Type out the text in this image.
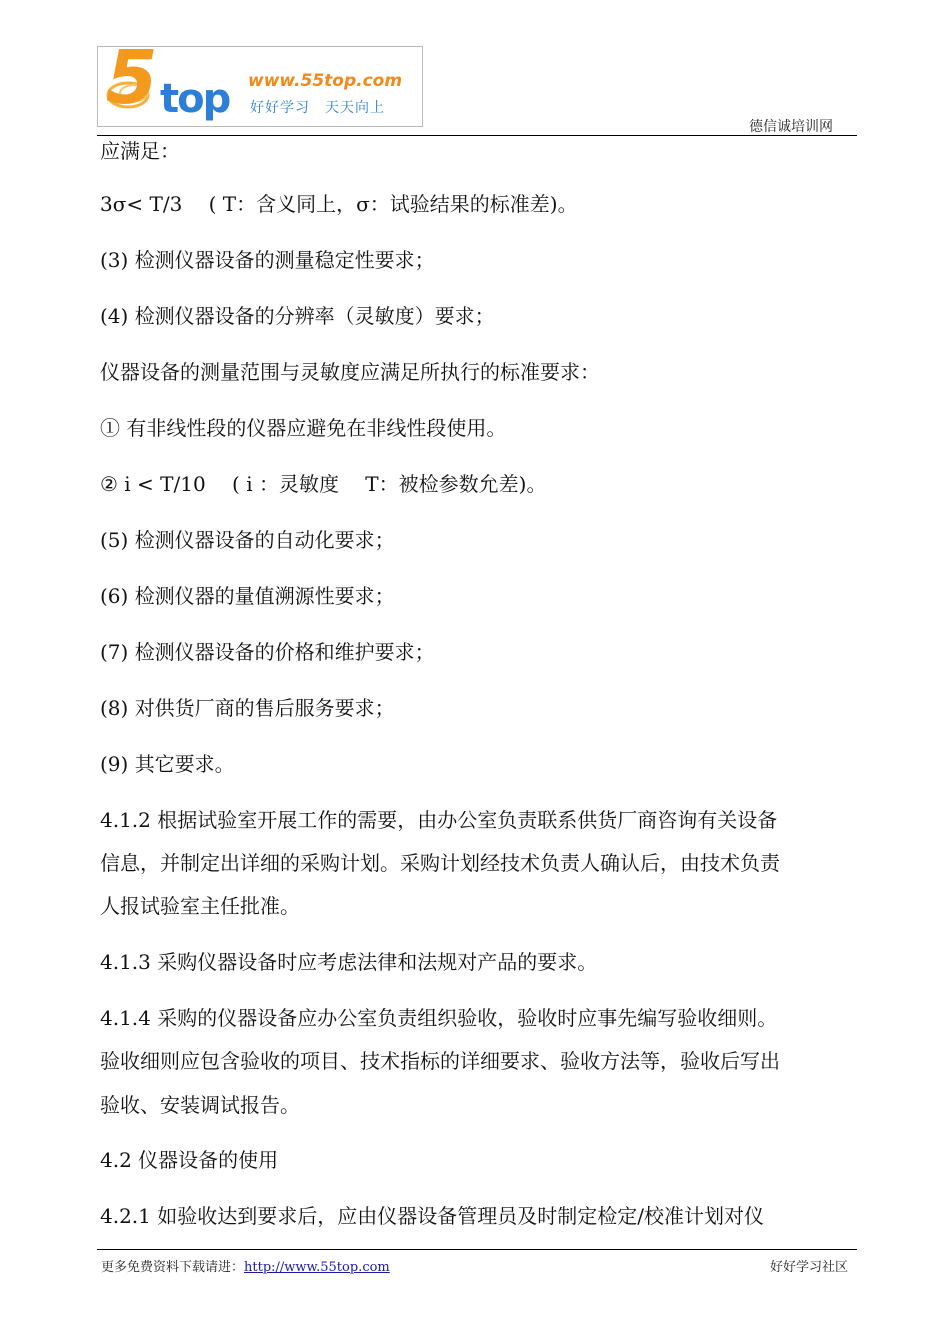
5 top www.55top.com
好好学习　天天向上
德信诚培训网
应满足：
3σ< T/3　 ( T：含义同上，σ：试验结果的标准差)。
(3) 检测仪器设备的测量稳定性要求；
(4) 检测仪器设备的分辨率（灵敏度）要求；
仪器设备的测量范围与灵敏度应满足所执行的标准要求：
① 有非线性段的仪器应避免在非线性段使用。
② i < T/10　 ( i ：灵敏度　 T：被检参数允差)。
(5) 检测仪器设备的自动化要求；
(6) 检测仪器的量值溯源性要求；
(7) 检测仪器设备的价格和维护要求；
(8) 对供货厂商的售后服务要求；
(9) 其它要求。
4.1.2 根据试验室开展工作的需要，由办公室负责联系供货厂商咨询有关设备
信息，并制定出详细的采购计划。采购计划经技术负责人确认后，由技术负责
人报试验室主任批准。
4.1.3 采购仪器设备时应考虑法律和法规对产品的要求。
4.1.4 采购的仪器设备应办公室负责组织验收，验收时应事先编写验收细则。
验收细则应包含验收的项目、技术指标的详细要求、验收方法等，验收后写出
验收、安装调试报告。
4.2 仪器设备的使用
4.2.1 如验收达到要求后，应由仪器设备管理员及时制定检定/校准计划对仪
更多免费资料下载请进：http://www.55top.com	好好学习社区
